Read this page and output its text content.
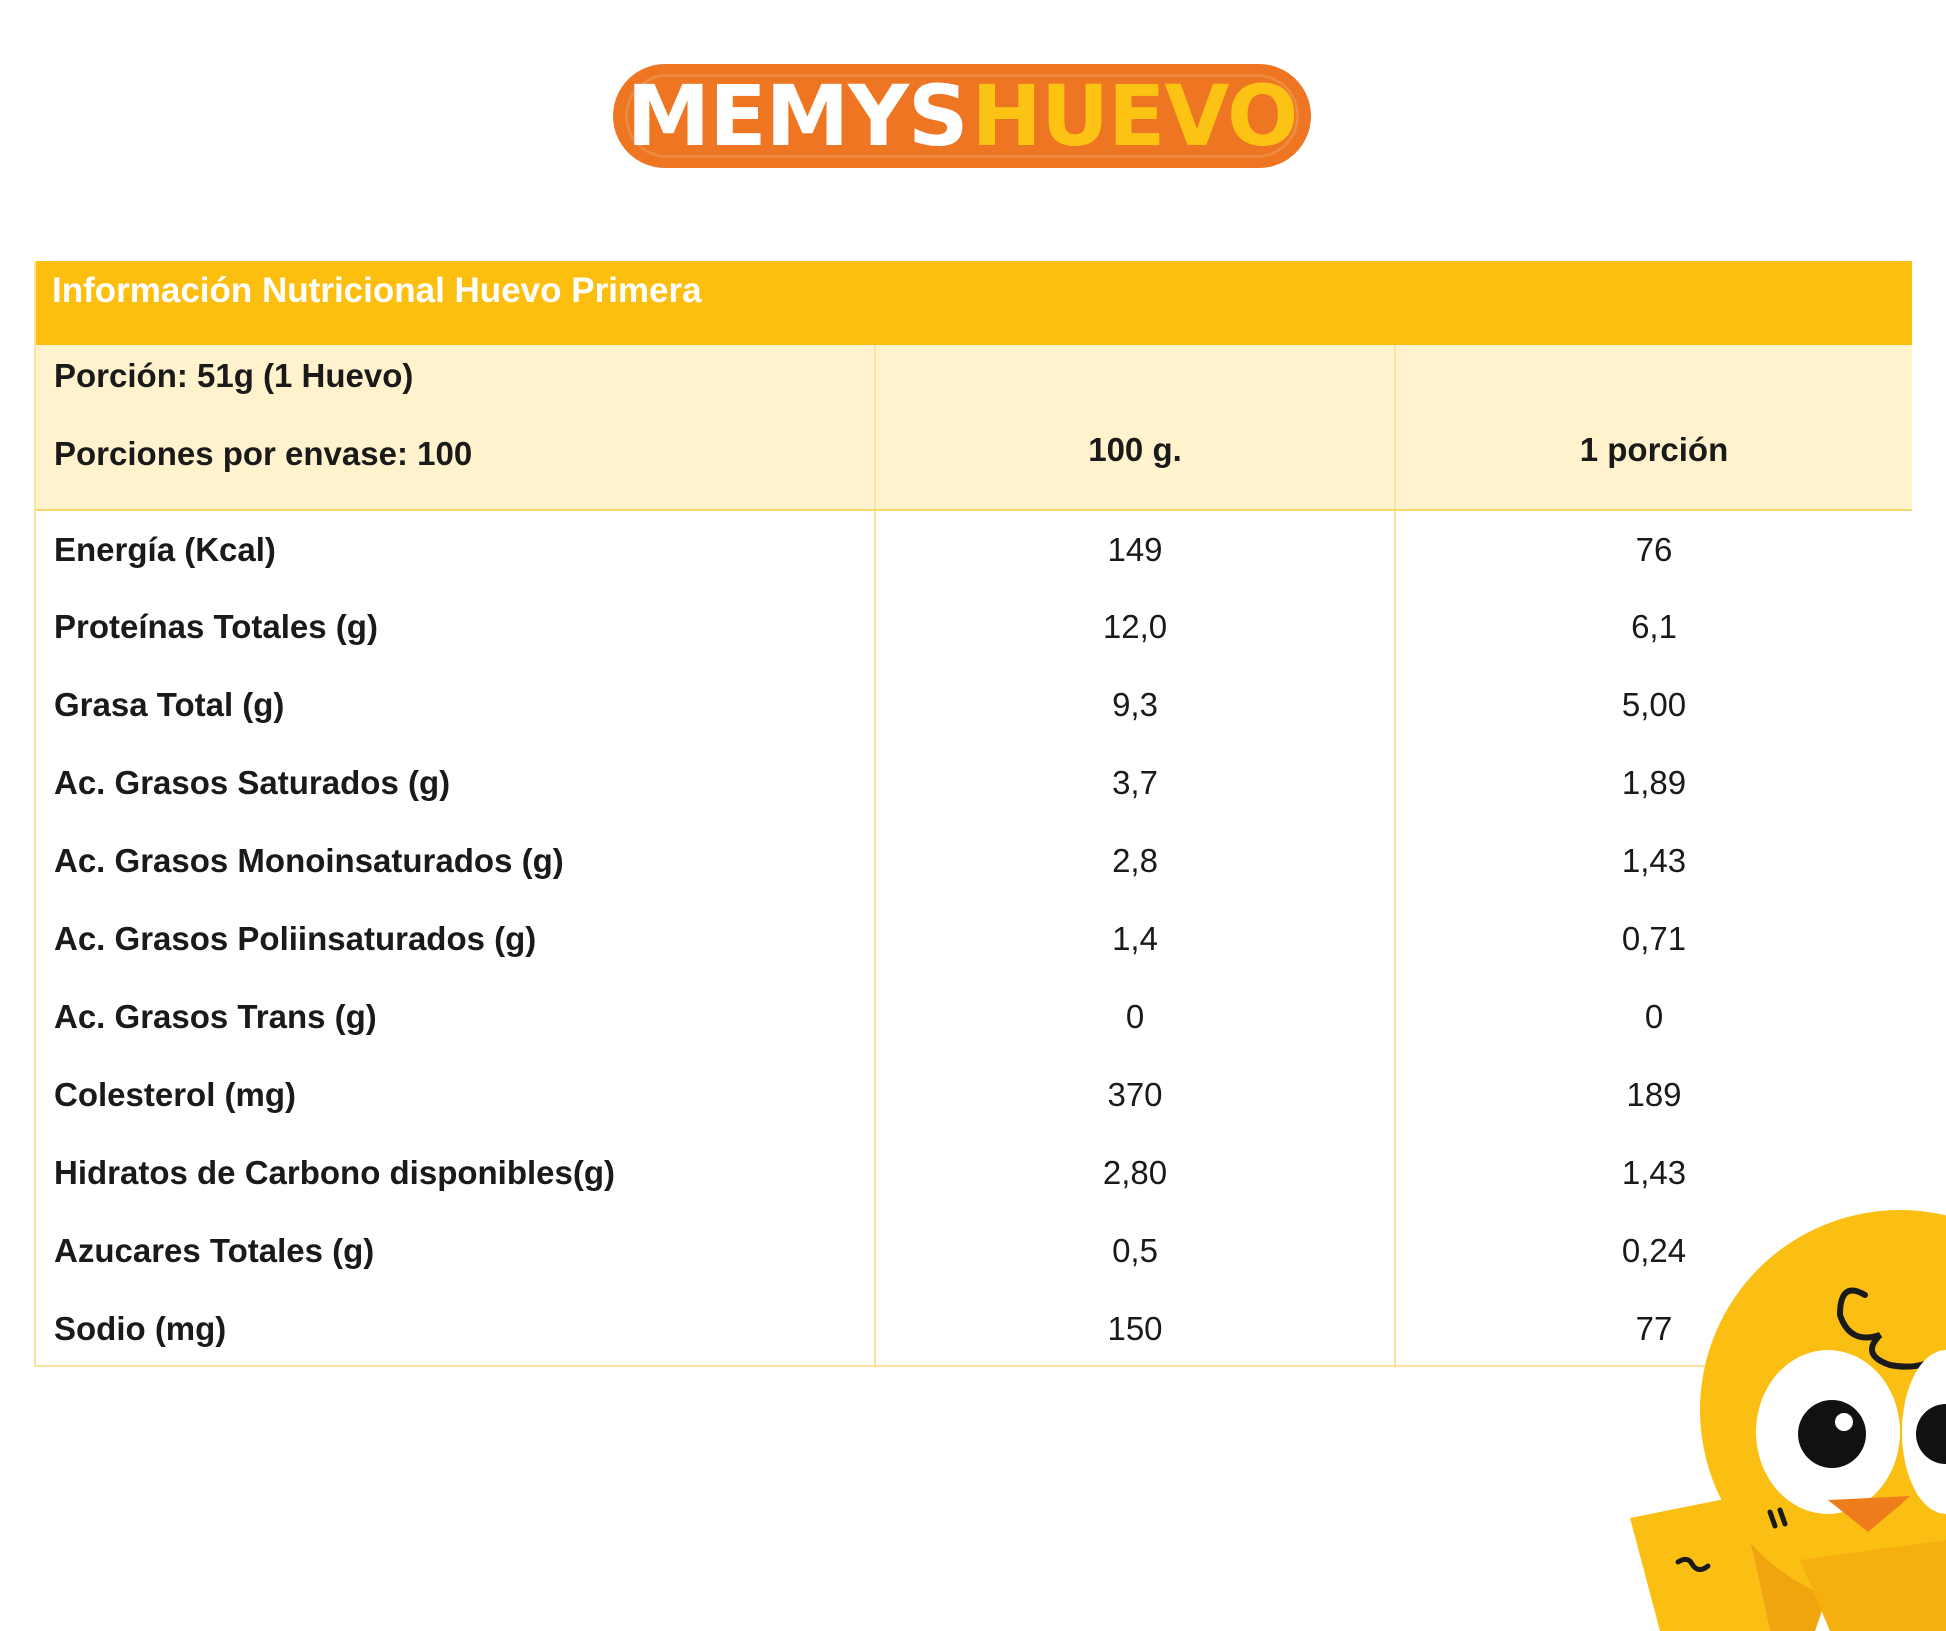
MEMYS HUEVO
Información Nutricional Huevo Primera		

Porción: 51g (1 Huevo)
Porciones por envase: 100	100 g.	1 porción
Energía (Kcal)	149	76
Proteínas Totales (g)	12,0	6,1
Grasa Total (g)	9,3	5,00
Ac. Grasos Saturados (g)	3,7	1,89
Ac. Grasos Monoinsaturados (g)	2,8	1,43
Ac. Grasos Poliinsaturados (g)	1,4	0,71
Ac. Grasos Trans (g)	0	0
Colesterol (mg)	370	189
Hidratos de Carbono disponibles(g)	2,80	1,43
Azucares Totales (g)	0,5	0,24
Sodio (mg)	150	77
